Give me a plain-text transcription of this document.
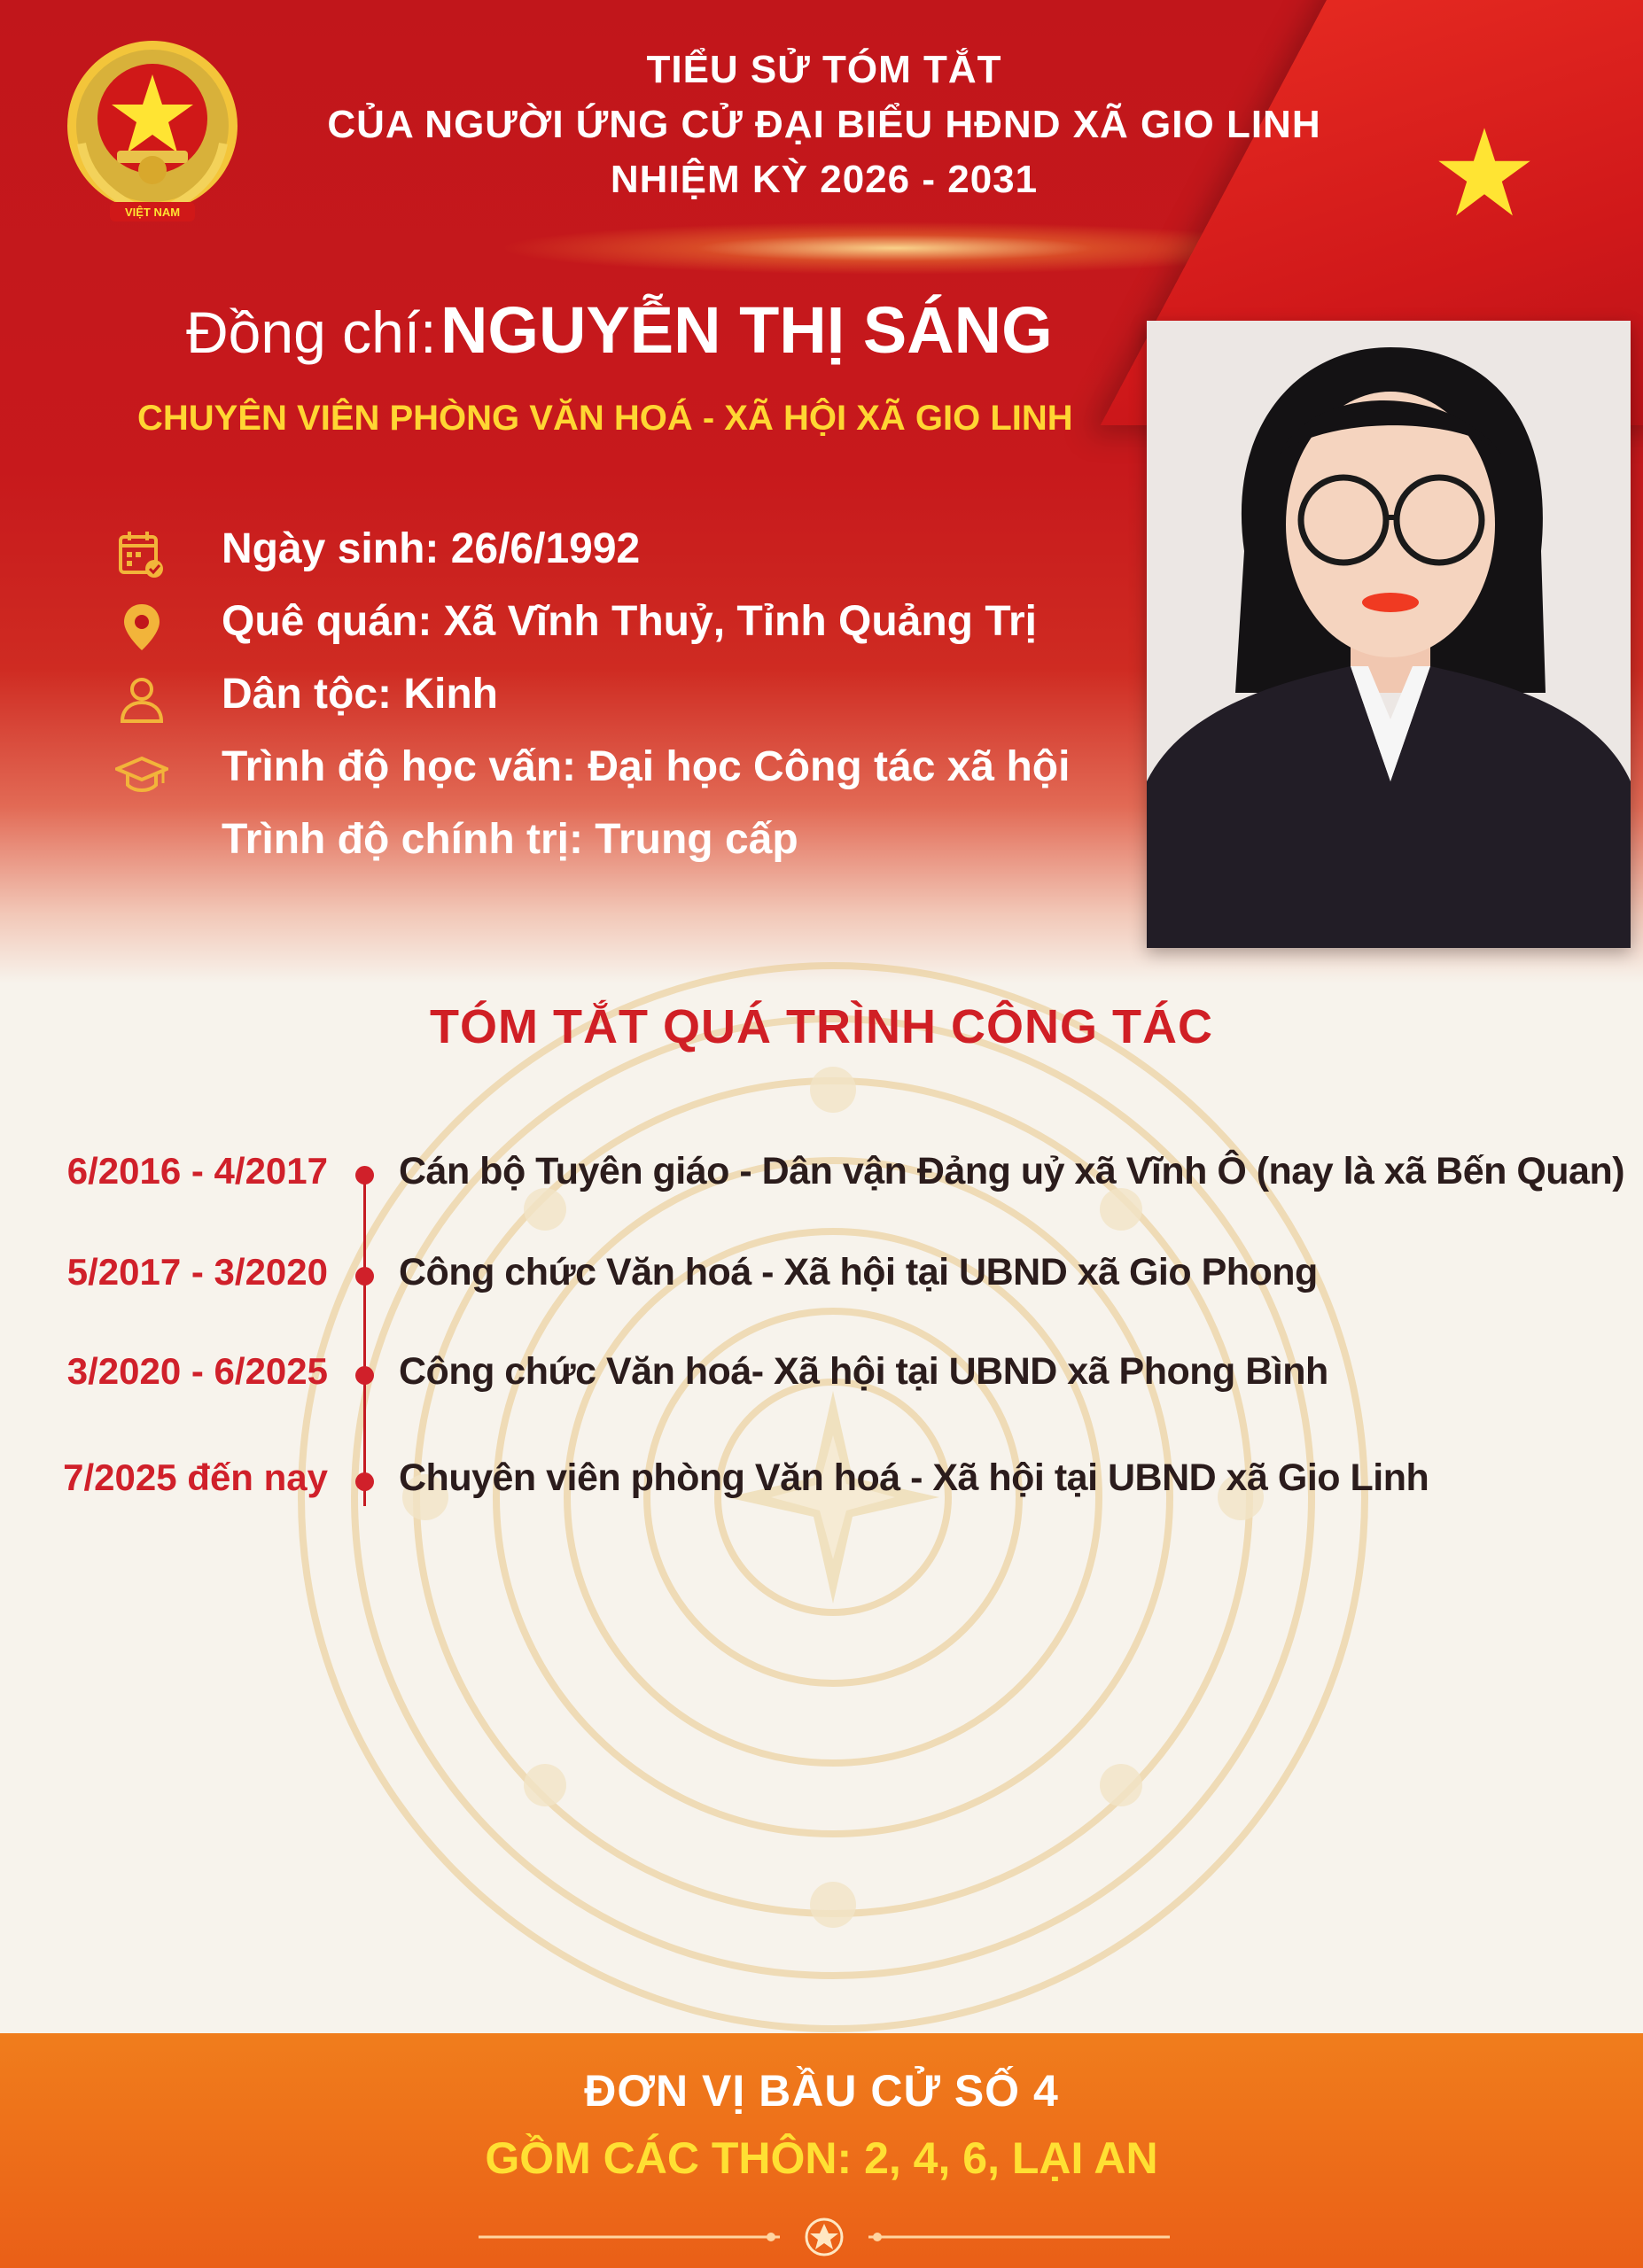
VIỆT NAM
TIỂU SỬ TÓM TẮT
CỦA NGƯỜI ỨNG CỬ ĐẠI BIỂU HĐND XÃ GIO LINH
NHIỆM KỲ 2026 - 2031
Đồng chí: NGUYỄN THỊ SÁNG
CHUYÊN VIÊN PHÒNG VĂN HOÁ - XÃ HỘI XÃ GIO LINH
Ngày sinh: 26/6/1992
Quê quán: Xã Vĩnh Thuỷ, Tỉnh Quảng Trị
Dân tộc: Kinh
Trình độ học vấn: Đại học Công tác xã hội
Trình độ chính trị: Trung cấp
TÓM TẮT QUÁ TRÌNH CÔNG TÁC
6/2016 - 4/2017 Cán bộ Tuyên giáo - Dân vận Đảng uỷ xã Vĩnh Ô (nay là xã Bến Quan)
5/2017 - 3/2020 Công chức Văn hoá - Xã hội tại UBND xã Gio Phong
3/2020 - 6/2025 Công chức Văn hoá- Xã hội tại UBND xã Phong Bình
7/2025 đến nay Chuyên viên phòng Văn hoá - Xã hội tại UBND xã Gio Linh
ĐƠN VỊ BẦU CỬ SỐ 4
GỒM CÁC THÔN: 2, 4, 6, LẠI AN
